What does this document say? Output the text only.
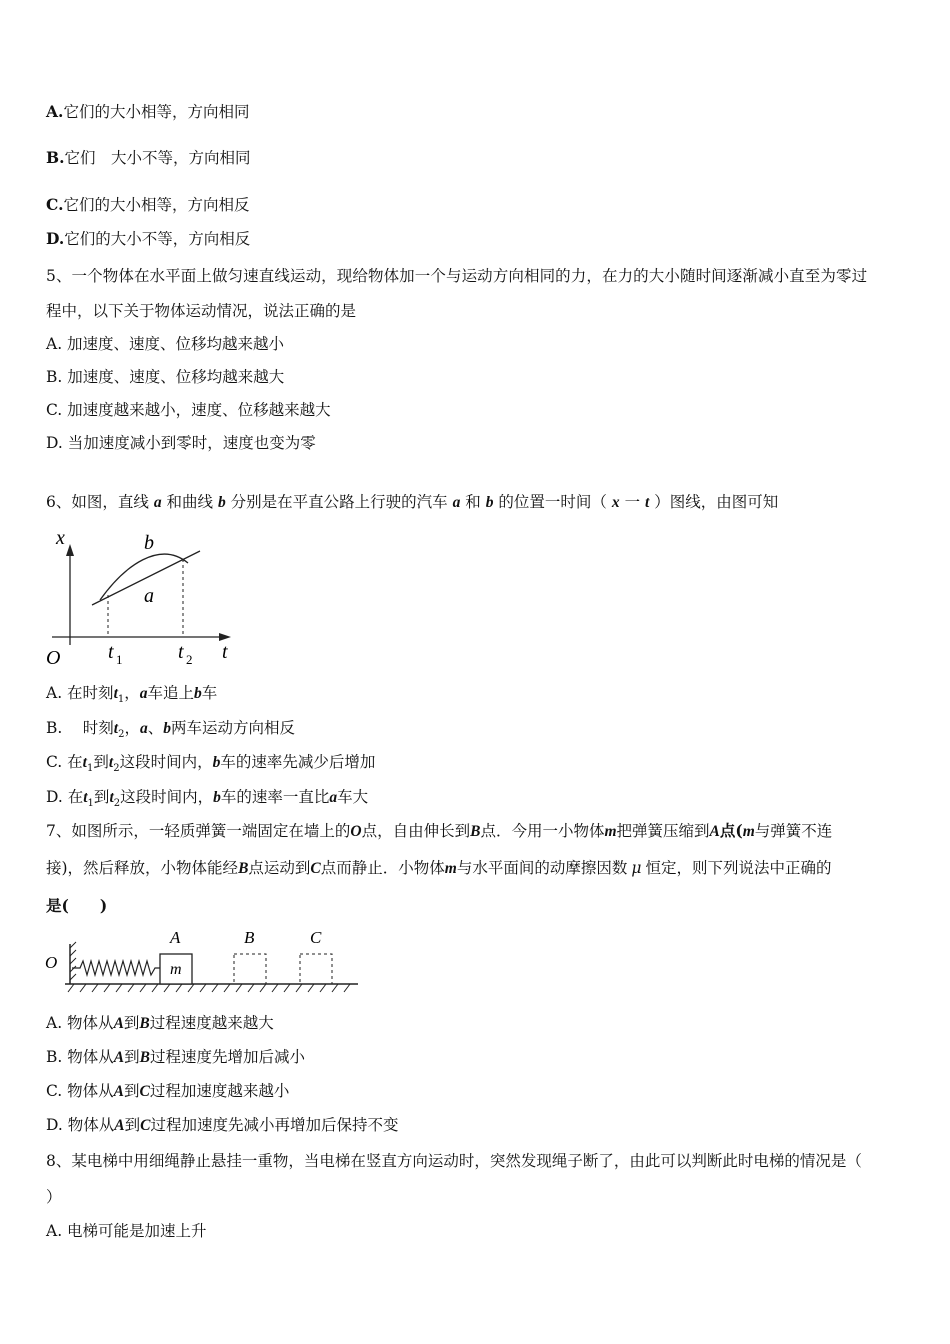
A.它们的大小相等，方向相同
B.它们　大小不等，方向相同
C.它们的大小相等，方向相反
D.它们的大小不等，方向相反
5、一个物体在水平面上做匀速直线运动，现给物体加一个与运动方向相同的力，在力的大小随时间逐渐减小直至为零过
程中，以下关于物体运动情况，说法正确的是
A. 加速度、速度、位移均越来越小
B. 加速度、速度、位移均越来越大
C. 加速度越来越小，速度、位移越来越大
D. 当加速度减小到零时，速度也变为零
6、如图，直线 a 和曲线 b 分别是在平直公路上行驶的汽车 a 和 b 的位置一时间（ x 一 t ）图线，由图可知
x	b
a
O t 1	t 2 t
A. 在时刻$t_1$，a车追上b车
B.　 时刻$t_2$，a、b两车运动方向相反
C. 在$t_1$到$t_2$这段时间内，b车的速率先减少后增加
D. 在$t_1$到$t_2$这段时间内，b车的速率一直比a车大
7、如图所示，一轻质弹簧一端固定在墙上的O点，自由伸长到B点．今用一小物体m把弹簧压缩到A点(m与弹簧不连
接)，然后释放，小物体能经B点运动到C点而静止．小物体m与水平面间的动摩擦因数 μ 恒定，则下列说法中正确的
是(　　)
O
A	B	C
m
A. 物体从A到B过程速度越来越大
B. 物体从A到B过程速度先增加后减小
C. 物体从A到C过程加速度越来越小
D. 物体从A到C过程加速度先减小再增加后保持不变
8、某电梯中用细绳静止悬挂一重物，当电梯在竖直方向运动时，突然发现绳子断了，由此可以判断此时电梯的情况是（
）
A. 电梯可能是加速上升
